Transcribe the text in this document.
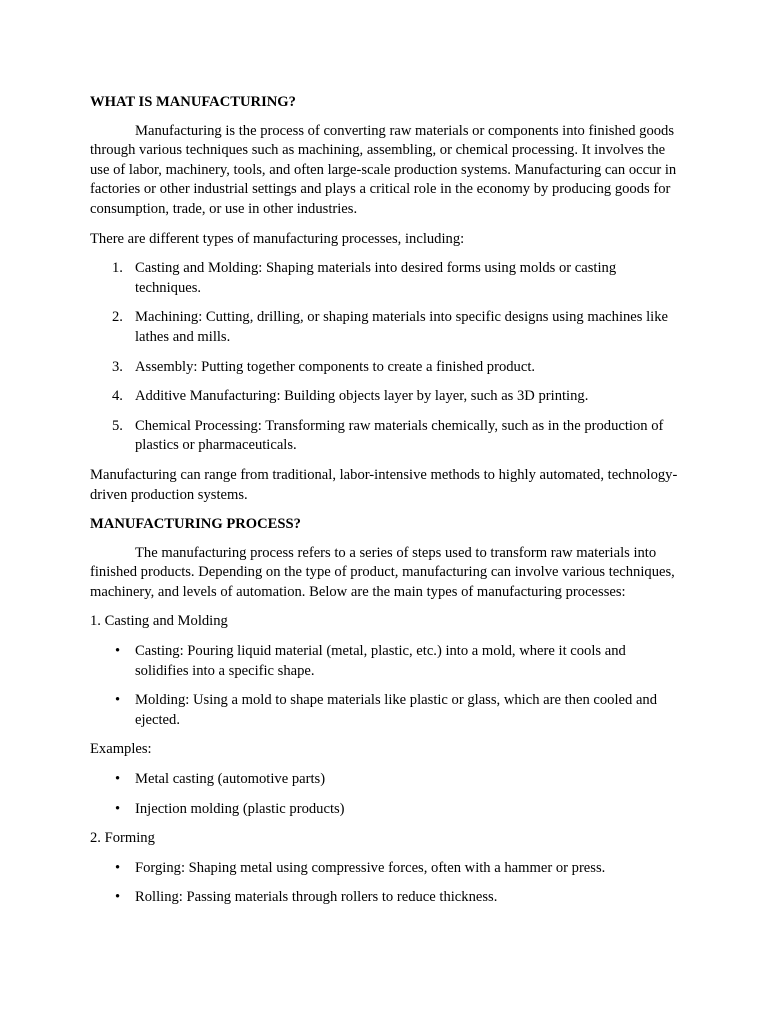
WHAT IS MANUFACTURING?

Manufacturing is the process of converting raw materials or components into finished goods through various techniques such as machining, assembling, or chemical processing. It involves the use of labor, machinery, tools, and often large-scale production systems. Manufacturing can occur in factories or other industrial settings and plays a critical role in the economy by producing goods for consumption, trade, or use in other industries.

There are different types of manufacturing processes, including:

1. Casting and Molding: Shaping materials into desired forms using molds or casting techniques.
2. Machining: Cutting, drilling, or shaping materials into specific designs using machines like lathes and mills.
3. Assembly: Putting together components to create a finished product.
4. Additive Manufacturing: Building objects layer by layer, such as 3D printing.
5. Chemical Processing: Transforming raw materials chemically, such as in the production of plastics or pharmaceuticals.

Manufacturing can range from traditional, labor-intensive methods to highly automated, technology-driven production systems.

MANUFACTURING PROCESS?

The manufacturing process refers to a series of steps used to transform raw materials into finished products. Depending on the type of product, manufacturing can involve various techniques, machinery, and levels of automation. Below are the main types of manufacturing processes:

1. Casting and Molding

• Casting: Pouring liquid material (metal, plastic, etc.) into a mold, where it cools and solidifies into a specific shape.
• Molding: Using a mold to shape materials like plastic or glass, which are then cooled and ejected.

Examples:

• Metal casting (automotive parts)
• Injection molding (plastic products)

2. Forming

• Forging: Shaping metal using compressive forces, often with a hammer or press.
• Rolling: Passing materials through rollers to reduce thickness.
